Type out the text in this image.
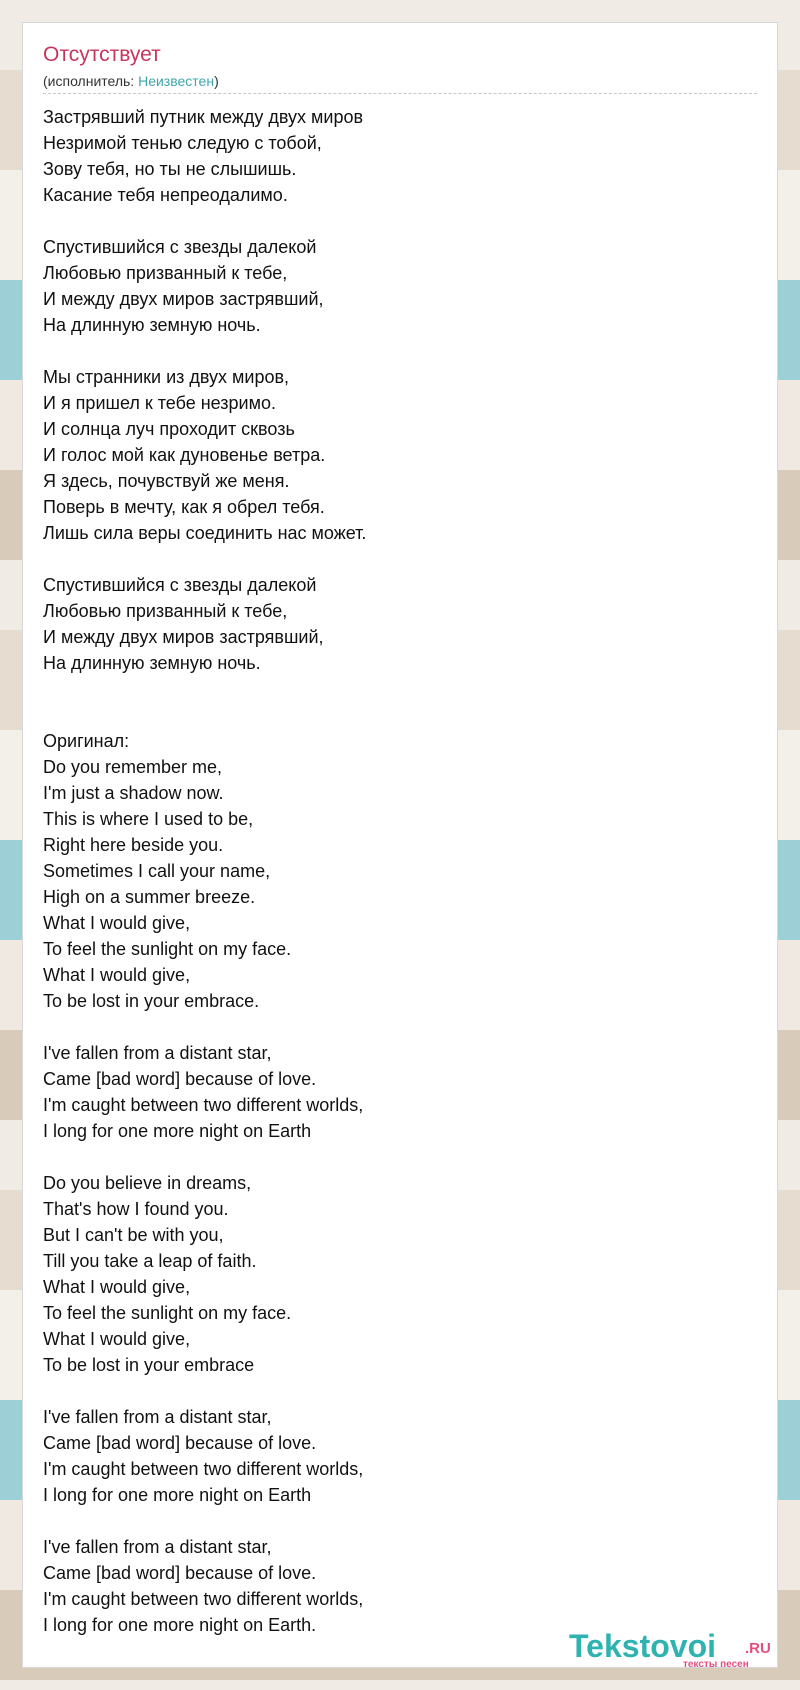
Отсутствует
(исполнитель: Неизвестен)
Застрявший путник между двух миров
Незримой тенью следую с тобой,
Зову тебя, но ты не слышишь.
Касание тебя непреодалимо.

Спустившийся с звезды далекой
Любовью призванный к тебе,
И между двух миров застрявший,
На длинную земную ночь.

Мы странники из двух миров,
И я пришел к тебе незримо.
И солнца луч проходит сквозь
И голос мой как дуновенье ветра.
Я здесь, почувствуй же меня.
Поверь в мечту, как я обрел тебя.
Лишь сила веры соединить нас может.

Спустившийся с звезды далекой
Любовью призванный к тебе,
И между двух миров застрявший,
На длинную земную ночь.

Оригинал:
Do you remember me,
I'm just a shadow now.
This is where I used to be,
Right here beside you.
Sometimes I call your name,
High on a summer breeze.
What I would give,
To feel the sunlight on my face.
What I would give,
To be lost in your embrace.

I've fallen from a distant star,
Came [bad word] because of love.
I'm caught between two different worlds,
I long for one more night on Earth

Do you believe in dreams,
That's how I found you.
But I can't be with you,
Till you take a leap of faith.
What I would give,
To feel the sunlight on my face.
What I would give,
To be lost in your embrace

I've fallen from a distant star,
Came [bad word] because of love.
I'm caught between two different worlds,
I long for one more night on Earth

I've fallen from a distant star,
Came [bad word] because of love.
I'm caught between two different worlds,
I long for one more night on Earth.
Tekstovoi .RU
тексты песен
